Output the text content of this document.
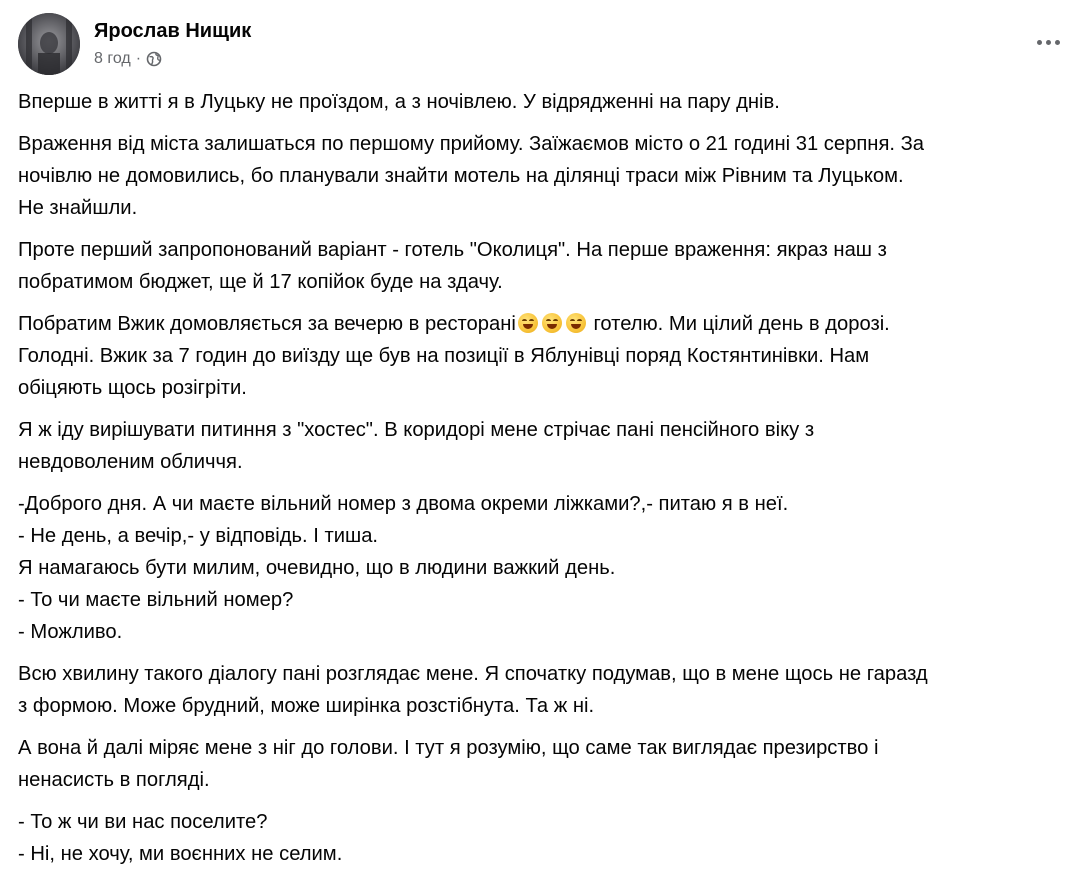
Ярослав Нищик
8 год ·
Вперше в житті я в Луцьку не проїздом, а з ночівлею. У відрядженні на пару днів.
Враження від міста залишаться по першому прийому. Заїжаємов місто о 21 годині 31 серпня. За
ночівлю не домовились, бо планували знайти мотель на ділянці траси між Рівним та Луцьком.
Не знайшли.
Проте перший запропонований варіант - готель "Околиця". На перше враження: якраз наш з
побратимом бюджет, ще й 17 копійок буде на здачу.
Побратим Вжик домовляється за вечерю в ресторані	готелю. Ми цілий день в дорозі.
Голодні. Вжик за 7 годин до виїзду ще був на позиції в Яблунівці поряд Костянтинівки. Нам
обіцяють щось розігріти.
Я ж іду вирішувати питиння з "хостес". В коридорі мене стрічає пані пенсійного віку з
невдоволеним обличчя.
-Доброго дня. А чи маєте вільний номер з двома окреми ліжками?,- питаю я в неї.
- Не день, а вечір,- у відповідь. І тиша.
Я намагаюсь бути милим, очевидно, що в людини важкий день.
- То чи маєте вільний номер?
- Можливо.
Всю хвилину такого діалогу пані розглядає мене. Я спочатку подумав, що в мене щось не гаразд
з формою. Може брудний, може ширінка розстібнута. Та ж ні.
А вона й далі міряє мене з ніг до голови. І тут я розумію, що саме так виглядає презирство і
ненасисть в погляді.
- То ж чи ви нас поселите?
- Ні, не хочу, ми воєнних не селим.
